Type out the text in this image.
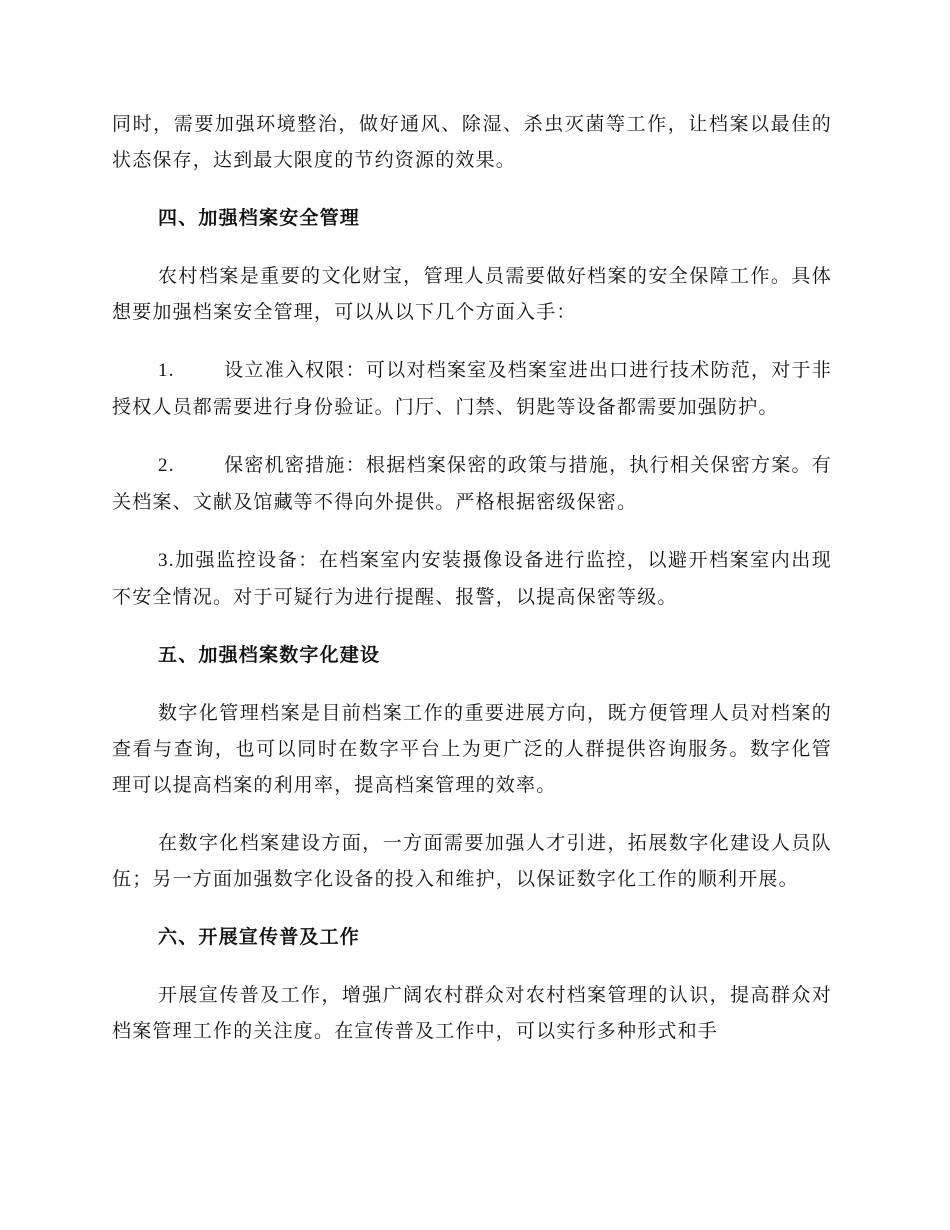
同时，需要加强环境整治，做好通风、除湿、杀虫灭菌等工作，让档案以最佳的状态保存，达到最大限度的节约资源的效果。

四、加强档案安全管理

农村档案是重要的文化财宝，管理人员需要做好档案的安全保障工作。具体想要加强档案安全管理，可以从以下几个方面入手：

1.	设立准入权限：可以对档案室及档案室进出口进行技术防范，对于非授权人员都需要进行身份验证。门厅、门禁、钥匙等设备都需要加强防护。

2.	保密机密措施：根据档案保密的政策与措施，执行相关保密方案。有关档案、文献及馆藏等不得向外提供。严格根据密级保密。

3.加强监控设备：在档案室内安装摄像设备进行监控，以避开档案室内出现不安全情况。对于可疑行为进行提醒、报警，以提高保密等级。

五、加强档案数字化建设

数字化管理档案是目前档案工作的重要进展方向，既方便管理人员对档案的查看与查询，也可以同时在数字平台上为更广泛的人群提供咨询服务。数字化管理可以提高档案的利用率，提高档案管理的效率。

在数字化档案建设方面，一方面需要加强人才引进，拓展数字化建设人员队伍；另一方面加强数字化设备的投入和维护，以保证数字化工作的顺利开展。

六、开展宣传普及工作

开展宣传普及工作，增强广阔农村群众对农村档案管理的认识，提高群众对档案管理工作的关注度。在宣传普及工作中，可以实行多种形式和手
